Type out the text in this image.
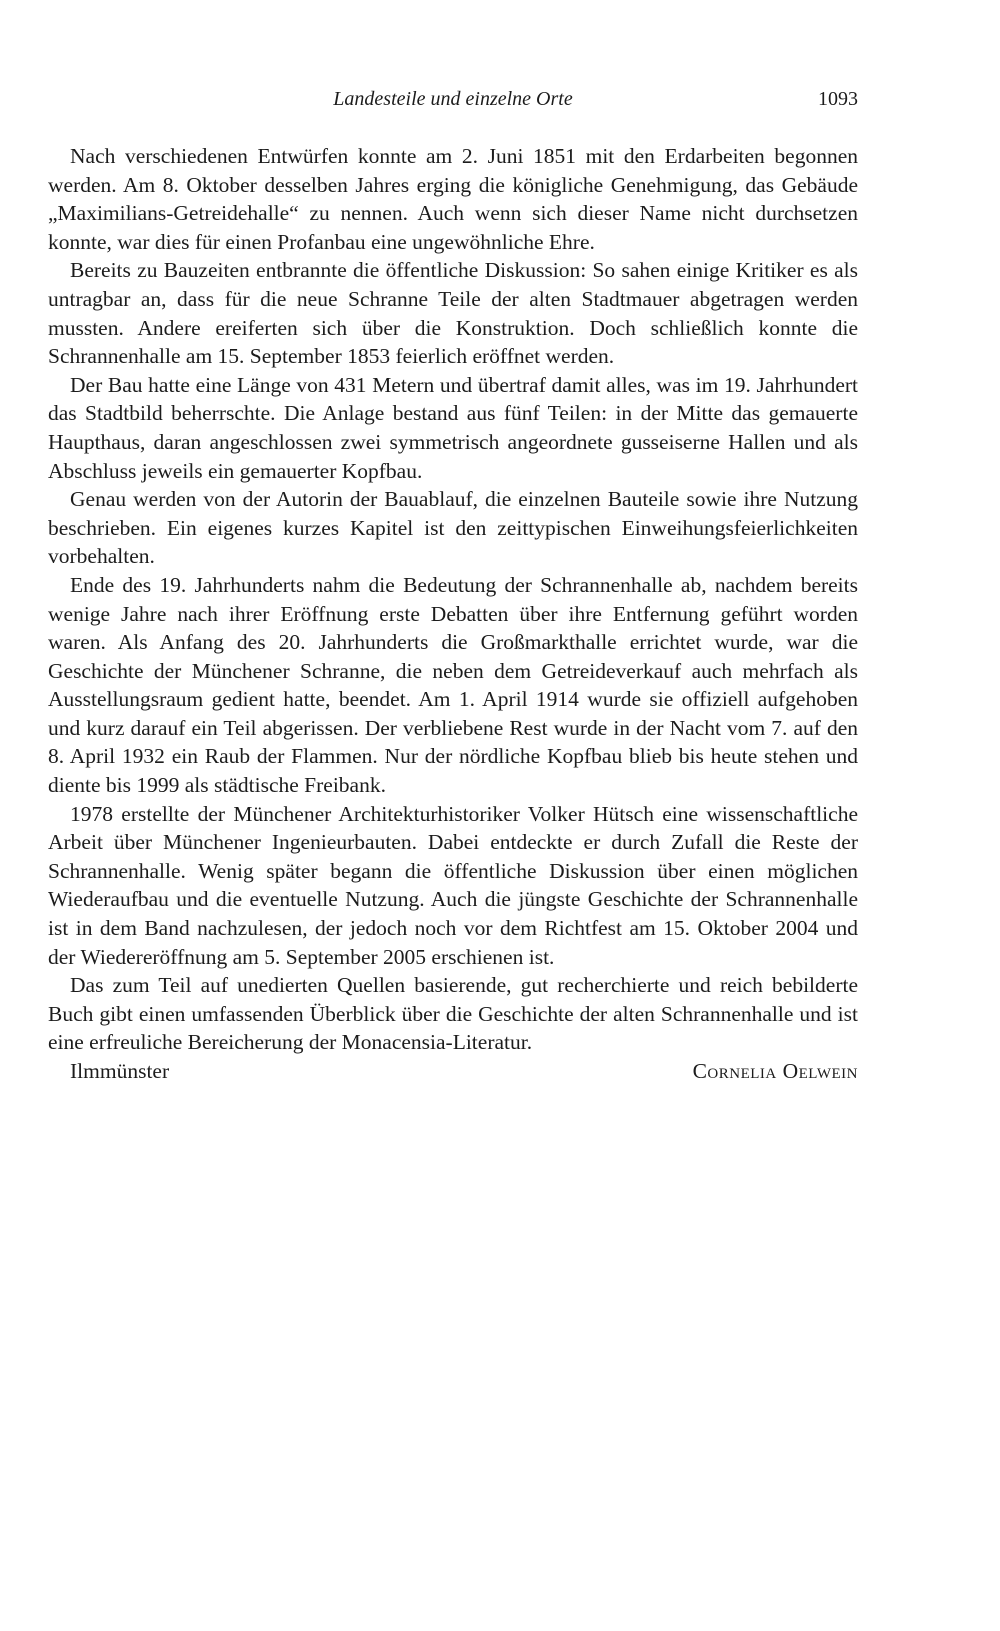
Landesteile und einzelne Orte	1093

Nach verschiedenen Entwürfen konnte am 2. Juni 1851 mit den Erdarbeiten begonnen werden. Am 8. Oktober desselben Jahres erging die königliche Genehmigung, das Gebäude „Maximilians-Getreidehalle“ zu nennen. Auch wenn sich dieser Name nicht durchsetzen konnte, war dies für einen Profanbau eine ungewöhnliche Ehre.

Bereits zu Bauzeiten entbrannte die öffentliche Diskussion: So sahen einige Kritiker es als untragbar an, dass für die neue Schranne Teile der alten Stadtmauer abgetragen werden mussten. Andere ereiferten sich über die Konstruktion. Doch schließlich konnte die Schrannenhalle am 15. September 1853 feierlich eröffnet werden.

Der Bau hatte eine Länge von 431 Metern und übertraf damit alles, was im 19. Jahrhundert das Stadtbild beherrschte. Die Anlage bestand aus fünf Teilen: in der Mitte das gemauerte Haupthaus, daran angeschlossen zwei symmetrisch angeordnete gusseiserne Hallen und als Abschluss jeweils ein gemauerter Kopfbau.

Genau werden von der Autorin der Bauablauf, die einzelnen Bauteile sowie ihre Nutzung beschrieben. Ein eigenes kurzes Kapitel ist den zeittypischen Einweihungsfeierlichkeiten vorbehalten.

Ende des 19. Jahrhunderts nahm die Bedeutung der Schrannenhalle ab, nachdem bereits wenige Jahre nach ihrer Eröffnung erste Debatten über ihre Entfernung geführt worden waren. Als Anfang des 20. Jahrhunderts die Großmarkthalle errichtet wurde, war die Geschichte der Münchener Schranne, die neben dem Getreideverkauf auch mehrfach als Ausstellungsraum gedient hatte, beendet. Am 1. April 1914 wurde sie offiziell aufgehoben und kurz darauf ein Teil abgerissen. Der verbliebene Rest wurde in der Nacht vom 7. auf den 8. April 1932 ein Raub der Flammen. Nur der nördliche Kopfbau blieb bis heute stehen und diente bis 1999 als städtische Freibank.

1978 erstellte der Münchener Architekturhistoriker Volker Hütsch eine wissenschaftliche Arbeit über Münchener Ingenieurbauten. Dabei entdeckte er durch Zufall die Reste der Schrannenhalle. Wenig später begann die öffentliche Diskussion über einen möglichen Wiederaufbau und die eventuelle Nutzung. Auch die jüngste Geschichte der Schrannenhalle ist in dem Band nachzulesen, der jedoch noch vor dem Richtfest am 15. Oktober 2004 und der Wiedereröffnung am 5. September 2005 erschienen ist.

Das zum Teil auf unedierten Quellen basierende, gut recherchierte und reich bebilderte Buch gibt einen umfassenden Überblick über die Geschichte der alten Schrannenhalle und ist eine erfreuliche Bereicherung der Monacensia-Literatur.

Ilmmünster	Cornelia Oelwein
